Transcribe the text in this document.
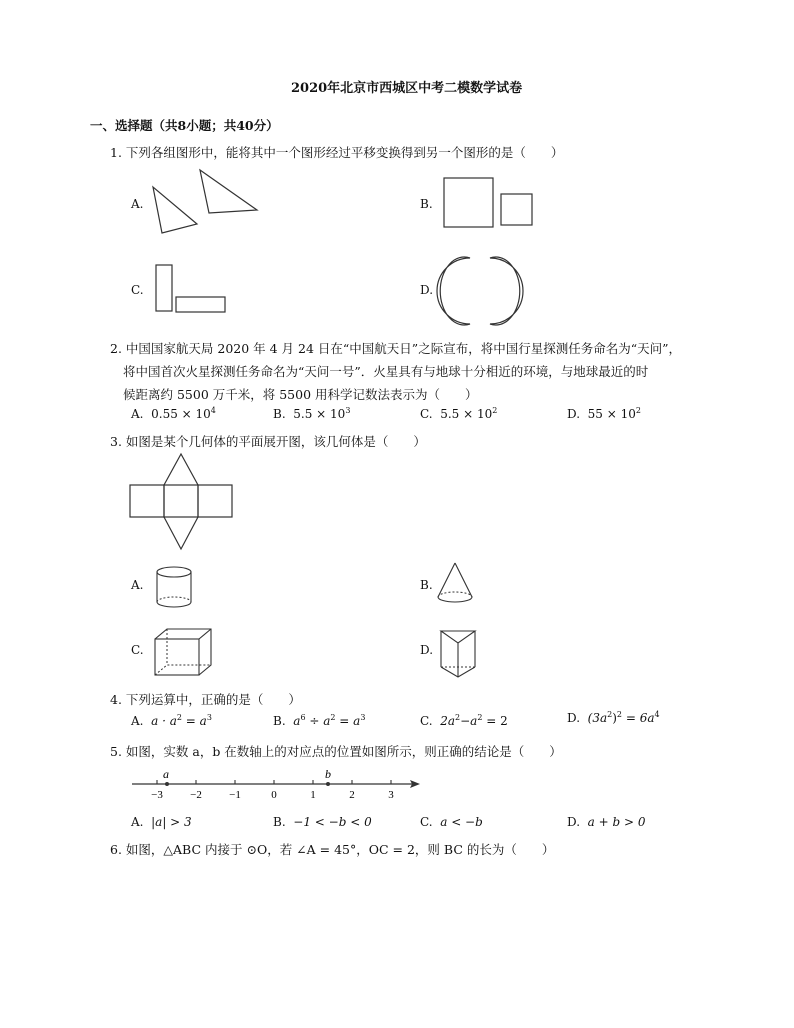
2020年北京市西城区中考二模数学试卷
一、选择题（共8小题；共40分）
1. 下列各组图形中，能将其中一个图形经过平移变换得到另一个图形的是（　　）
A.	B.
C.	D.
2. 中国国家航天局 2020 年 4 月 24 日在“中国航天日”之际宣布，将中国行星探测任务命名为“天问”，
将中国首次火星探测任务命名为“天问一号”．火星具有与地球十分相近的环境，与地球最近的时
候距离约 5500 万千米，将 5500 用科学记数法表示为（　　）
A. $0.55 \times 10^4$	B. $5.5 \times 10^3$	C. $5.5 \times 10^2$	D. $55 \times 10^2$
3. 如图是某个几何体的平面展开图，该几何体是（　　）
A.	B.
C.	D.
4. 下列运算中，正确的是（　　）
A. $a \cdot a^2 = a^3$	B. $a^6 \div a^2 = a^3$	C. $2a^2-a^2 = 2$	D. $(3a^2)^2 = 6a^4$
5. 如图，实数 a，b 在数轴上的对应点的位置如图所示，则正确的结论是（　　）
a	b
−3 −2 −1	0	1	2	3
A. |a| > 3	B. −1 < −b < 0	C. a < −b	D. a + b > 0
6. 如图，△ABC 内接于 ⊙O，若 ∠A = 45°，OC = 2，则 BC 的长为（　　）
